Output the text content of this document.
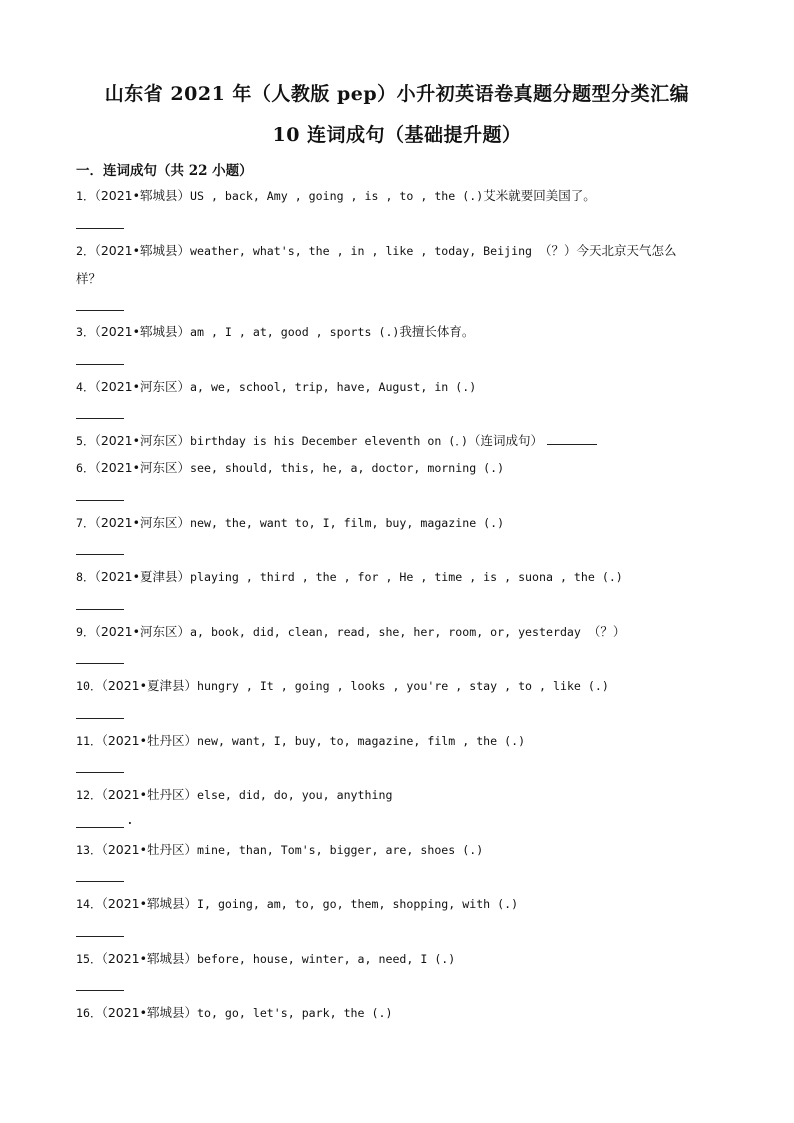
山东省 2021 年（人教版 pep）小升初英语卷真题分题型分类汇编
10 连词成句（基础提升题）
一．连词成句（共 22 小题）
1．（2021•郓城县）US , back, Amy , going , is , to , the (.)艾米就要回美国了。
2．（2021•郓城县）weather, what's, the , in , like , today, Beijing （？）今天北京天气怎么
样？
3．（2021•郓城县）am , I , at, good , sports (.)我擅长体育。
4．（2021•河东区）a, we, school, trip, have, August, in (.)
5．（2021•河东区）birthday is his December eleventh on (．)（连词成句）
6．（2021•河东区）see, should, this, he, a, doctor, morning (.)
7．（2021•河东区）new, the, want to, I, film, buy, magazine (.)
8．（2021•夏津县）playing , third , the , for , He , time , is , suona , the (.)
9．（2021•河东区）a, book, did, clean, read, she, her, room, or, yesterday （？）
10．（2021•夏津县）hungry , It , going , looks , you're , stay , to , like (.)
11．（2021•牡丹区）new, want, I, buy, to, magazine, film , the (.)
12．（2021•牡丹区）else, did, do, you, anything
.
13．（2021•牡丹区）mine, than, Tom's, bigger, are, shoes (.)
14．（2021•郓城县）I, going, am, to, go, them, shopping, with (.)
15．（2021•郓城县）before, house, winter, a, need, I (.)
16．（2021•郓城县）to, go, let's, park, the (.)
